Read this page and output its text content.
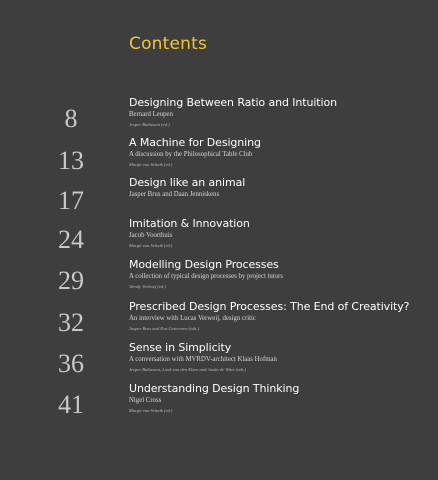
Contents
8
Designing Between Ratio and Intuition
Bernard Leupen
Jesper Baltussen (ed.)
13
A Machine for Designing
A discussion by the Philosophical Table Club
Margit van Schaik (ed.)
17
Design like an animal
Jasper Brus and Daan Jenniskens
24
Imitation & Innovation
Jacob Voorthuis
Margit van Schaik (ed.)
29
Modelling Design Processes
A collection of typical design processes by project tutors
Wendy Verhoef (ed.)
32
Prescribed Design Processes: The End of Creativity?
An interview with Lucas Verweij, design critic
Jasper Brus and Eva Geinevren (eds.)
36
Sense in Simplicity
A conversation with MVRDV-architect Klaas Hofman
Jesper Baltussen, Louk van den Elzen and Justin de Witte (eds.)
41
Understanding Design Thinking
Nigel Cross
Margit van Schaik (ed.)
